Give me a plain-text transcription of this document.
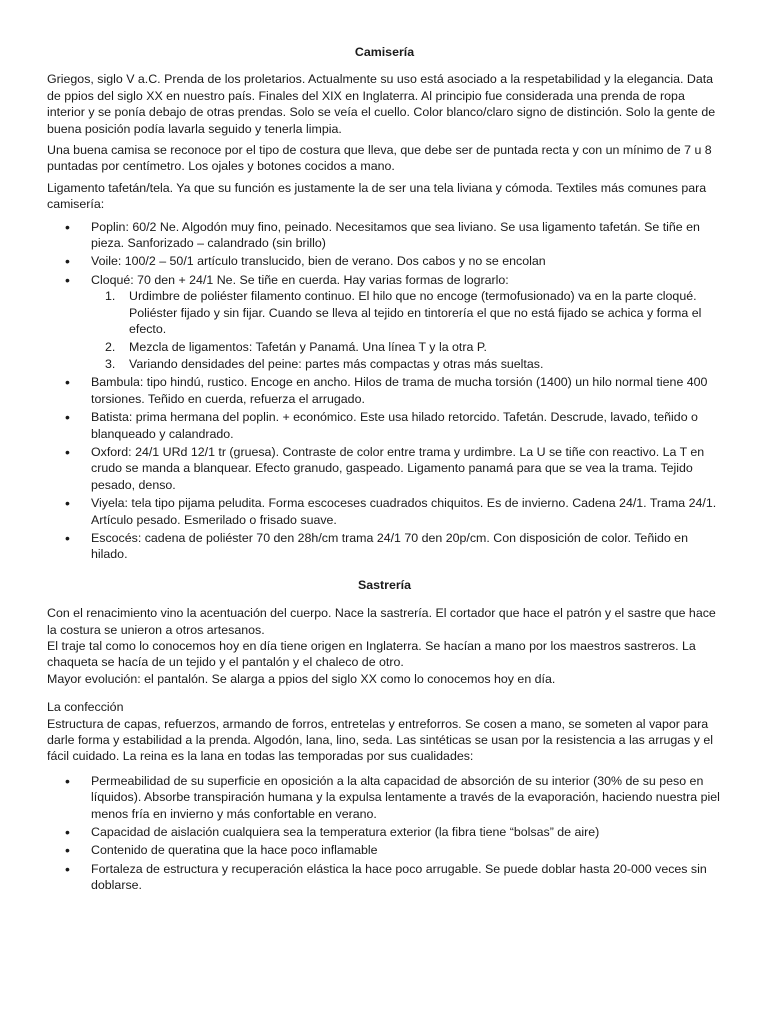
Camisería

Griegos, siglo V a.C. Prenda de los proletarios. Actualmente su uso está asociado a la respetabilidad y la elegancia. Data de ppios del siglo XX en nuestro país. Finales del XIX en Inglaterra. Al principio fue considerada una prenda de ropa interior y se ponía debajo de otras prendas. Solo se veía el cuello. Color blanco/claro signo de distinción. Solo la gente de buena posición podía lavarla seguido y tenerla limpia.

Una buena camisa se reconoce por el tipo de costura que lleva, que debe ser de puntada recta y con un mínimo de 7 u 8 puntadas por centímetro. Los ojales y botones cocidos a mano.

Ligamento tafetán/tela. Ya que su función es justamente la de ser una tela liviana y cómoda. Textiles más comunes para camisería:

• Poplin: 60/2 Ne. Algodón muy fino, peinado. Necesitamos que sea liviano. Se usa ligamento tafetán. Se tiñe en pieza. Sanforizado – calandrado (sin brillo)
• Voile: 100/2 – 50/1 artículo translucido, bien de verano. Dos cabos y no se encolan
• Cloqué: 70 den + 24/1 Ne. Se tiñe en cuerda. Hay varias formas de lograrlo:
1. Urdimbre de poliéster filamento continuo. El hilo que no encoge (termofusionado) va en la parte cloqué. Poliéster fijado y sin fijar. Cuando se lleva al tejido en tintorería el que no está fijado se achica y forma el efecto.
2. Mezcla de ligamentos: Tafetán y Panamá. Una línea T y la otra P.
3. Variando densidades del peine: partes más compactas y otras más sueltas.
• Bambula: tipo hindú, rustico. Encoge en ancho. Hilos de trama de mucha torsión (1400) un hilo normal tiene 400 torsiones. Teñido en cuerda, refuerza el arrugado.
• Batista: prima hermana del poplin. + económico. Este usa hilado retorcido. Tafetán. Descrude, lavado, teñido o blanqueado y calandrado.
• Oxford: 24/1 URd 12/1 tr (gruesa). Contraste de color entre trama y urdimbre. La U se tiñe con reactivo. La T en crudo se manda a blanquear. Efecto granudo, gaspeado. Ligamento panamá para que se vea la trama. Tejido pesado, denso.
• Viyela: tela tipo pijama peludita. Forma escoceses cuadrados chiquitos. Es de invierno. Cadena 24/1. Trama 24/1. Artículo pesado. Esmerilado o frisado suave.
• Escocés: cadena de poliéster 70 den 28h/cm trama 24/1 70 den 20p/cm. Con disposición de color. Teñido en hilado.
Sastrería
Con el renacimiento vino la acentuación del cuerpo. Nace la sastrería. El cortador que hace el patrón y el sastre que hace la costura se unieron a otros artesanos.
El traje tal como lo conocemos hoy en día tiene origen en Inglaterra. Se hacían a mano por los maestros sastreros. La chaqueta se hacía de un tejido y el pantalón y el chaleco de otro.
Mayor evolución: el pantalón. Se alarga a ppios del siglo XX como lo conocemos hoy en día.
La confección
Estructura de capas, refuerzos, armando de forros, entretelas y entreforros. Se cosen a mano, se someten al vapor para darle forma y estabilidad a la prenda. Algodón, lana, lino, seda. Las sintéticas se usan por la resistencia a las arrugas y el fácil cuidado. La reina es la lana en todas las temporadas por sus cualidades:
• Permeabilidad de su superficie en oposición a la alta capacidad de absorción de su interior (30% de su peso en líquidos). Absorbe transpiración humana y la expulsa lentamente a través de la evaporación, haciendo nuestra piel menos fría en invierno y más confortable en verano.
• Capacidad de aislación cualquiera sea la temperatura exterior (la fibra tiene “bolsas” de aire)
• Contenido de queratina que la hace poco inflamable
• Fortaleza de estructura y recuperación elástica la hace poco arrugable. Se puede doblar hasta 20-000 veces sin doblarse.
